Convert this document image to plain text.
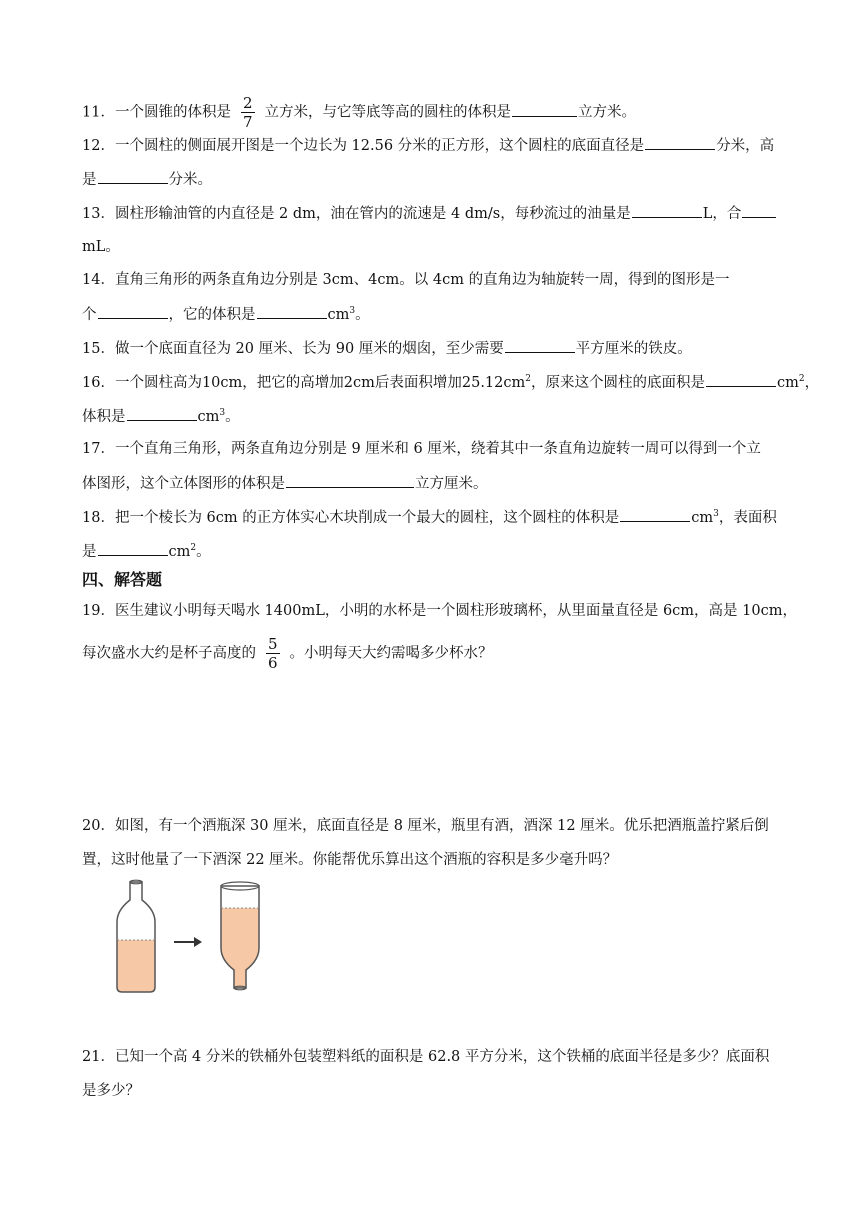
11．一个圆锥的体积是 $\frac{2}{7}$ 立方米，与它等底等高的圆柱的体积是	立方米。
12．一个圆柱的侧面展开图是一个边长为 12.56 分米的正方形，这个圆柱的底面直径是	分米，高
是	分米。
13．圆柱形输油管的内直径是 2 dm，油在管内的流速是 4 dm/s，每秒流过的油量是	L，合
mL。
14．直角三角形的两条直角边分别是 3cm、4cm。以 4cm 的直角边为轴旋转一周，得到的图形是一
个	，它的体积是	$cm^3$。
15．做一个底面直径为 20 厘米、长为 90 厘米的烟囱，至少需要	平方厘米的铁皮。
16．一个圆柱高为10cm，把它的高增加2cm后表面积增加$25.12cm^2$，原来这个圆柱的底面积是	$cm^2$，
体积是	$cm^3$。
17．一个直角三角形，两条直角边分别是 9 厘米和 6 厘米，绕着其中一条直角边旋转一周可以得到一个立
体图形，这个立体图形的体积是	立方厘米。
18．把一个棱长为 6cm 的正方体实心木块削成一个最大的圆柱，这个圆柱的体积是	$cm^3$，表面积
是	$cm^2$。
四、解答题
19．医生建议小明每天喝水 1400mL，小明的水杯是一个圆柱形玻璃杯，从里面量直径是 6cm，高是 10cm，
每次盛水大约是杯子高度的 $\frac{5}{6}$ 。小明每天大约需喝多少杯水？
20．如图，有一个酒瓶深 30 厘米，底面直径是 8 厘米，瓶里有酒，酒深 12 厘米。优乐把酒瓶盖拧紧后倒
置，这时他量了一下酒深 22 厘米。你能帮优乐算出这个酒瓶的容积是多少毫升吗？
21．已知一个高 4 分米的铁桶外包装塑料纸的面积是 62.8 平方分米，这个铁桶的底面半径是多少？底面积
是多少？
